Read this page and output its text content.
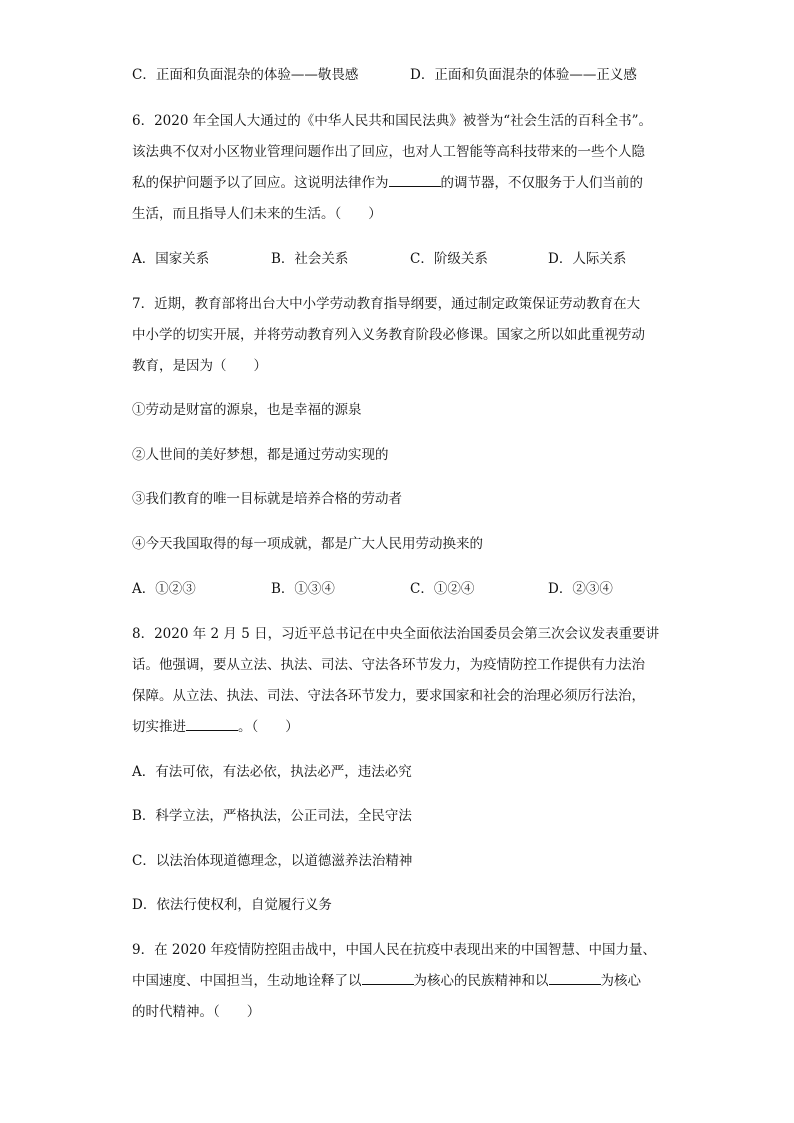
C．正面和负面混杂的体验——敬畏感	D．正面和负面混杂的体验——正义感
6．2020 年全国人大通过的《中华人民共和国民法典》被誉为“社会生活的百科全书”。
该法典不仅对小区物业管理问题作出了回应，也对人工智能等高科技带来的一些个人隐
私的保护问题予以了回应。这说明法律作为	的调节器，不仅服务于人们当前的
生活，而且指导人们未来的生活。（　　）
A．国家关系	B．社会关系	C．阶级关系	D．人际关系
7．近期，教育部将出台大中小学劳动教育指导纲要，通过制定政策保证劳动教育在大
中小学的切实开展，并将劳动教育列入义务教育阶段必修课。国家之所以如此重视劳动
教育，是因为（　　）
①劳动是财富的源泉，也是幸福的源泉
②人世间的美好梦想，都是通过劳动实现的
③我们教育的唯一目标就是培养合格的劳动者
④今天我国取得的每一项成就，都是广大人民用劳动换来的
A．①②③	B．①③④	C．①②④	D．②③④
8．2020 年 2 月 5 日，习近平总书记在中央全面依法治国委员会第三次会议发表重要讲
话。他强调，要从立法、执法、司法、守法各环节发力，为疫情防控工作提供有力法治
保障。从立法、执法、司法、守法各环节发力，要求国家和社会的治理必须厉行法治，
切实推进	。（　　）
A．有法可依，有法必依，执法必严，违法必究
B．科学立法，严格执法，公正司法，全民守法
C．以法治体现道德理念，以道德滋养法治精神
D．依法行使权利，自觉履行义务
9．在 2020 年疫情防控阻击战中，中国人民在抗疫中表现出来的中国智慧、中国力量、
中国速度、中国担当，生动地诠释了以	为核心的民族精神和以	为核心
的时代精神。（　　）
